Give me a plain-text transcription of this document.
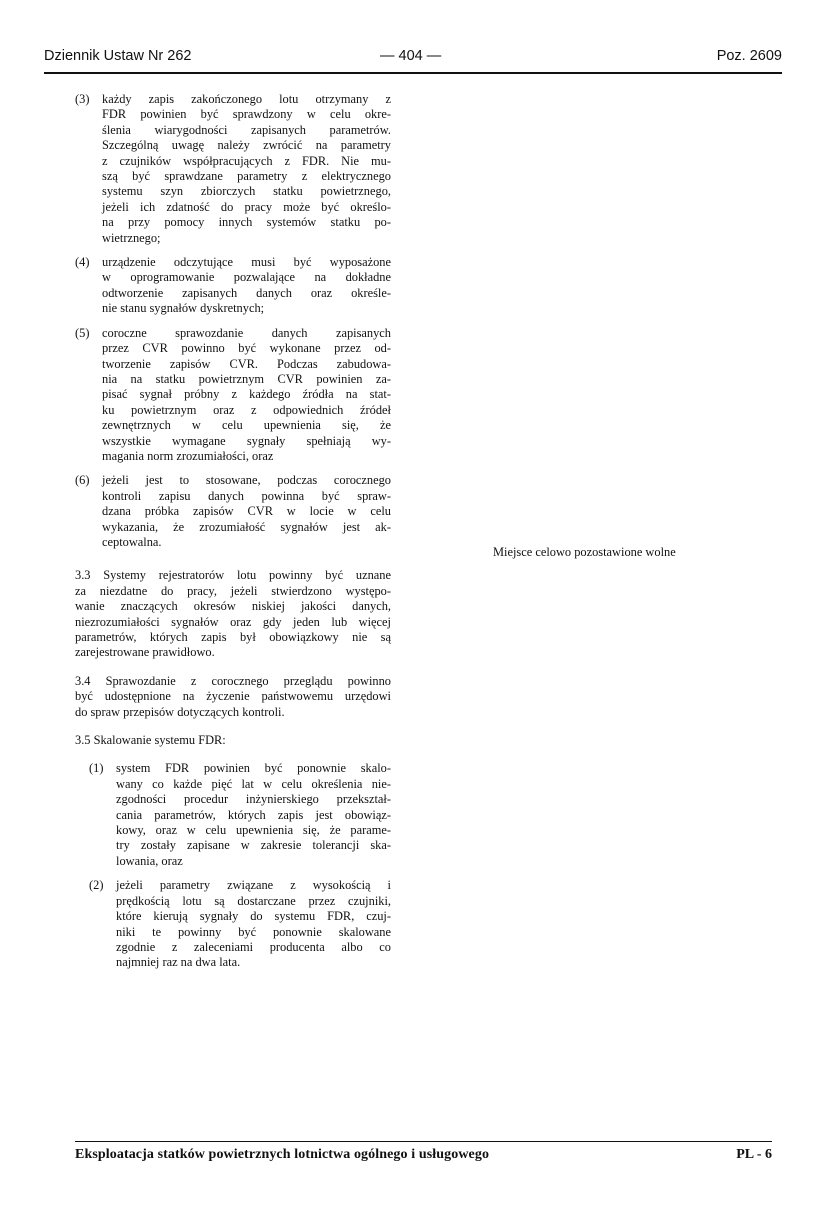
Dziennik Ustaw Nr 262	— 404 —	Poz. 2609
(3) każdy zapis zakończonego lotu otrzymany z
FDR powinien być sprawdzony w celu okre-
ślenia wiarygodności zapisanych parametrów.
Szczególną uwagę należy zwrócić na parametry
z czujników współpracujących z FDR. Nie mu-
szą być sprawdzane parametry z elektrycznego
systemu szyn zbiorczych statku powietrznego,
jeżeli ich zdatność do pracy może być określo-
na przy pomocy innych systemów statku po-
wietrznego;
(4) urządzenie odczytujące musi być wyposażone
w oprogramowanie pozwalające na dokładne
odtworzenie zapisanych danych oraz określe-
nie stanu sygnałów dyskretnych;
(5) coroczne sprawozdanie danych zapisanych
przez CVR powinno być wykonane przez od-
tworzenie zapisów CVR. Podczas zabudowa-
nia na statku powietrznym CVR powinien za-
pisać sygnał próbny z każdego źródła na stat-
ku powietrznym oraz z odpowiednich źródeł
zewnętrznych w celu upewnienia się, że
wszystkie wymagane sygnały spełniają wy-
magania norm zrozumiałości, oraz
(6) jeżeli jest to stosowane, podczas corocznego
kontroli zapisu danych powinna być spraw-
dzana próbka zapisów CVR w locie w celu
wykazania, że zrozumiałość sygnałów jest ak-
ceptowalna.
3.3 Systemy rejestratorów lotu powinny być uznane
za niezdatne do pracy, jeżeli stwierdzono występo-
wanie znaczących okresów niskiej jakości danych,
niezrozumiałości sygnałów oraz gdy jeden lub więcej
parametrów, których zapis był obowiązkowy nie są
zarejestrowane prawidłowo.
3.4 Sprawozdanie z corocznego przeglądu powinno
być udostępnione na życzenie państwowemu urzędowi
do spraw przepisów dotyczących kontroli.
3.5 Skalowanie systemu FDR:
(1) system FDR powinien być ponownie skalo-
wany co każde pięć lat w celu określenia nie-
zgodności procedur inżynierskiego przekształ-
cania parametrów, których zapis jest obowiąz-
kowy, oraz w celu upewnienia się, że parame-
try zostały zapisane w zakresie tolerancji ska-
lowania, oraz
(2) jeżeli parametry związane z wysokością i
prędkością lotu są dostarczane przez czujniki,
które kierują sygnały do systemu FDR, czuj-
niki te powinny być ponownie skalowane
zgodnie z zaleceniami producenta albo co
najmniej raz na dwa lata.
Miejsce celowo pozostawione wolne
Eksploatacja statków powietrznych lotnictwa ogólnego i usługowego	PL - 6
